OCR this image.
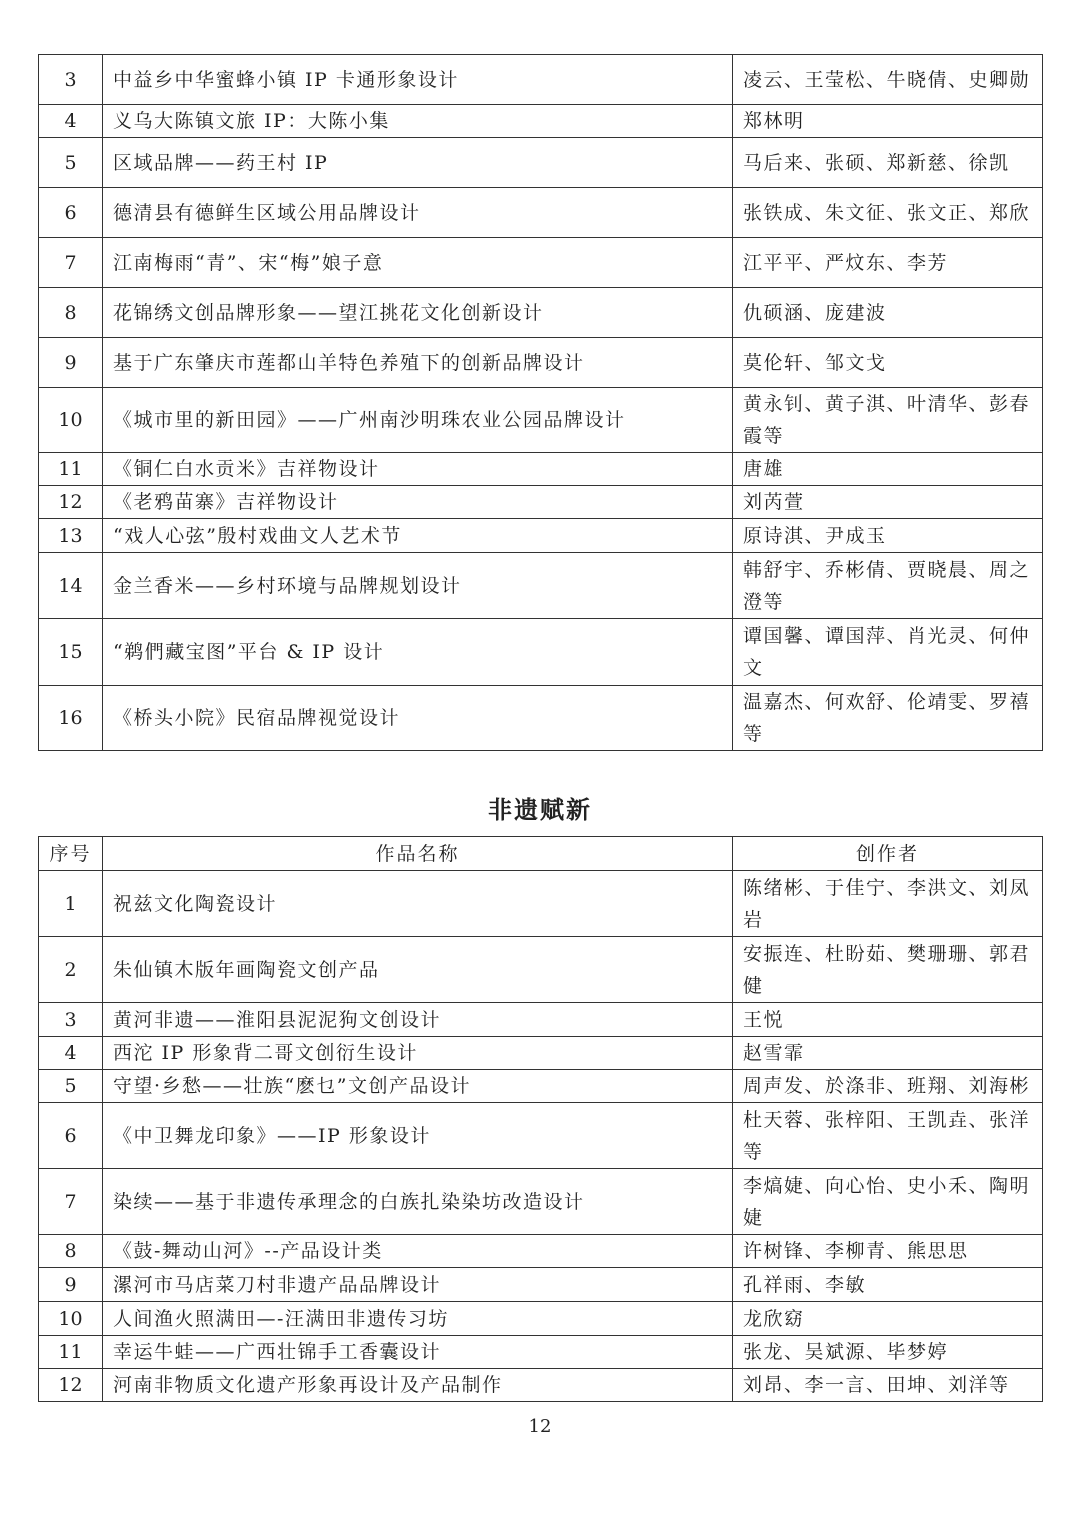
3	中益乡中华蜜蜂小镇 IP 卡通形象设计	凌云、王莹松、牛晓倩、史卿勋
4	义乌大陈镇文旅 IP：大陈小集	郑林明
5	区域品牌——药王村 IP	马后来、张硕、郑新慈、徐凯
6	德清县有德鲜生区域公用品牌设计	张铁成、朱文征、张文正、郑欣
7	江南梅雨“青”、宋“梅”娘子意	江平平、严炆东、李芳
8	花锦绣文创品牌形象——望江挑花文化创新设计	仇硕涵、庞建波
9	基于广东肇庆市莲都山羊特色养殖下的创新品牌设计	莫伦轩、邹文戈
10	《城市里的新田园》——广州南沙明珠农业公园品牌设计	黄永钊、黄子淇、叶清华、彭春霞等
11	《铜仁白水贡米》吉祥物设计	唐雄
12	《老鸦苗寨》吉祥物设计	刘芮萱
13	“戏人心弦”殷村戏曲文人艺术节	原诗淇、尹成玉
14	金兰香米——乡村环境与品牌规划设计	韩舒宇、乔彬倩、贾晓晨、周之澄等
15	“鹈們藏宝图”平台 & IP 设计	谭国馨、谭国萍、肖光灵、何仲文
16	《桥头小院》民宿品牌视觉设计	温嘉杰、何欢舒、伦靖雯、罗禧等
非遗赋新
序号	作品名称	创作者
1	祝兹文化陶瓷设计	陈绪彬、于佳宁、李洪文、刘凤岩
2	朱仙镇木版年画陶瓷文创产品	安振连、杜盼茹、樊珊珊、郭君健
3	黄河非遗——淮阳县泥泥狗文创设计	王悦
4	西沱 IP 形象背二哥文创衍生设计	赵雪霏
5	守望·乡愁——壮族“麽乜”文创产品设计	周声发、於涤非、班翔、刘海彬
6	《中卫舞龙印象》——IP 形象设计	杜天蓉、张梓阳、王凯垚、张洋等
7	染续——基于非遗传承理念的白族扎染染坊改造设计	李熇婕、向心怡、史小禾、陶明婕
8	《鼓-舞动山河》--产品设计类	许树锋、李柳青、熊思思
9	漯河市马店菜刀村非遗产品品牌设计	孔祥雨、李敏
10	人间渔火照满田—-汪满田非遗传习坊	龙欣窈
11	幸运牛蛙——广西壮锦手工香囊设计	张龙、吴斌源、毕梦婷
12	河南非物质文化遗产形象再设计及产品制作	刘昂、李一言、田坤、刘洋等
12
